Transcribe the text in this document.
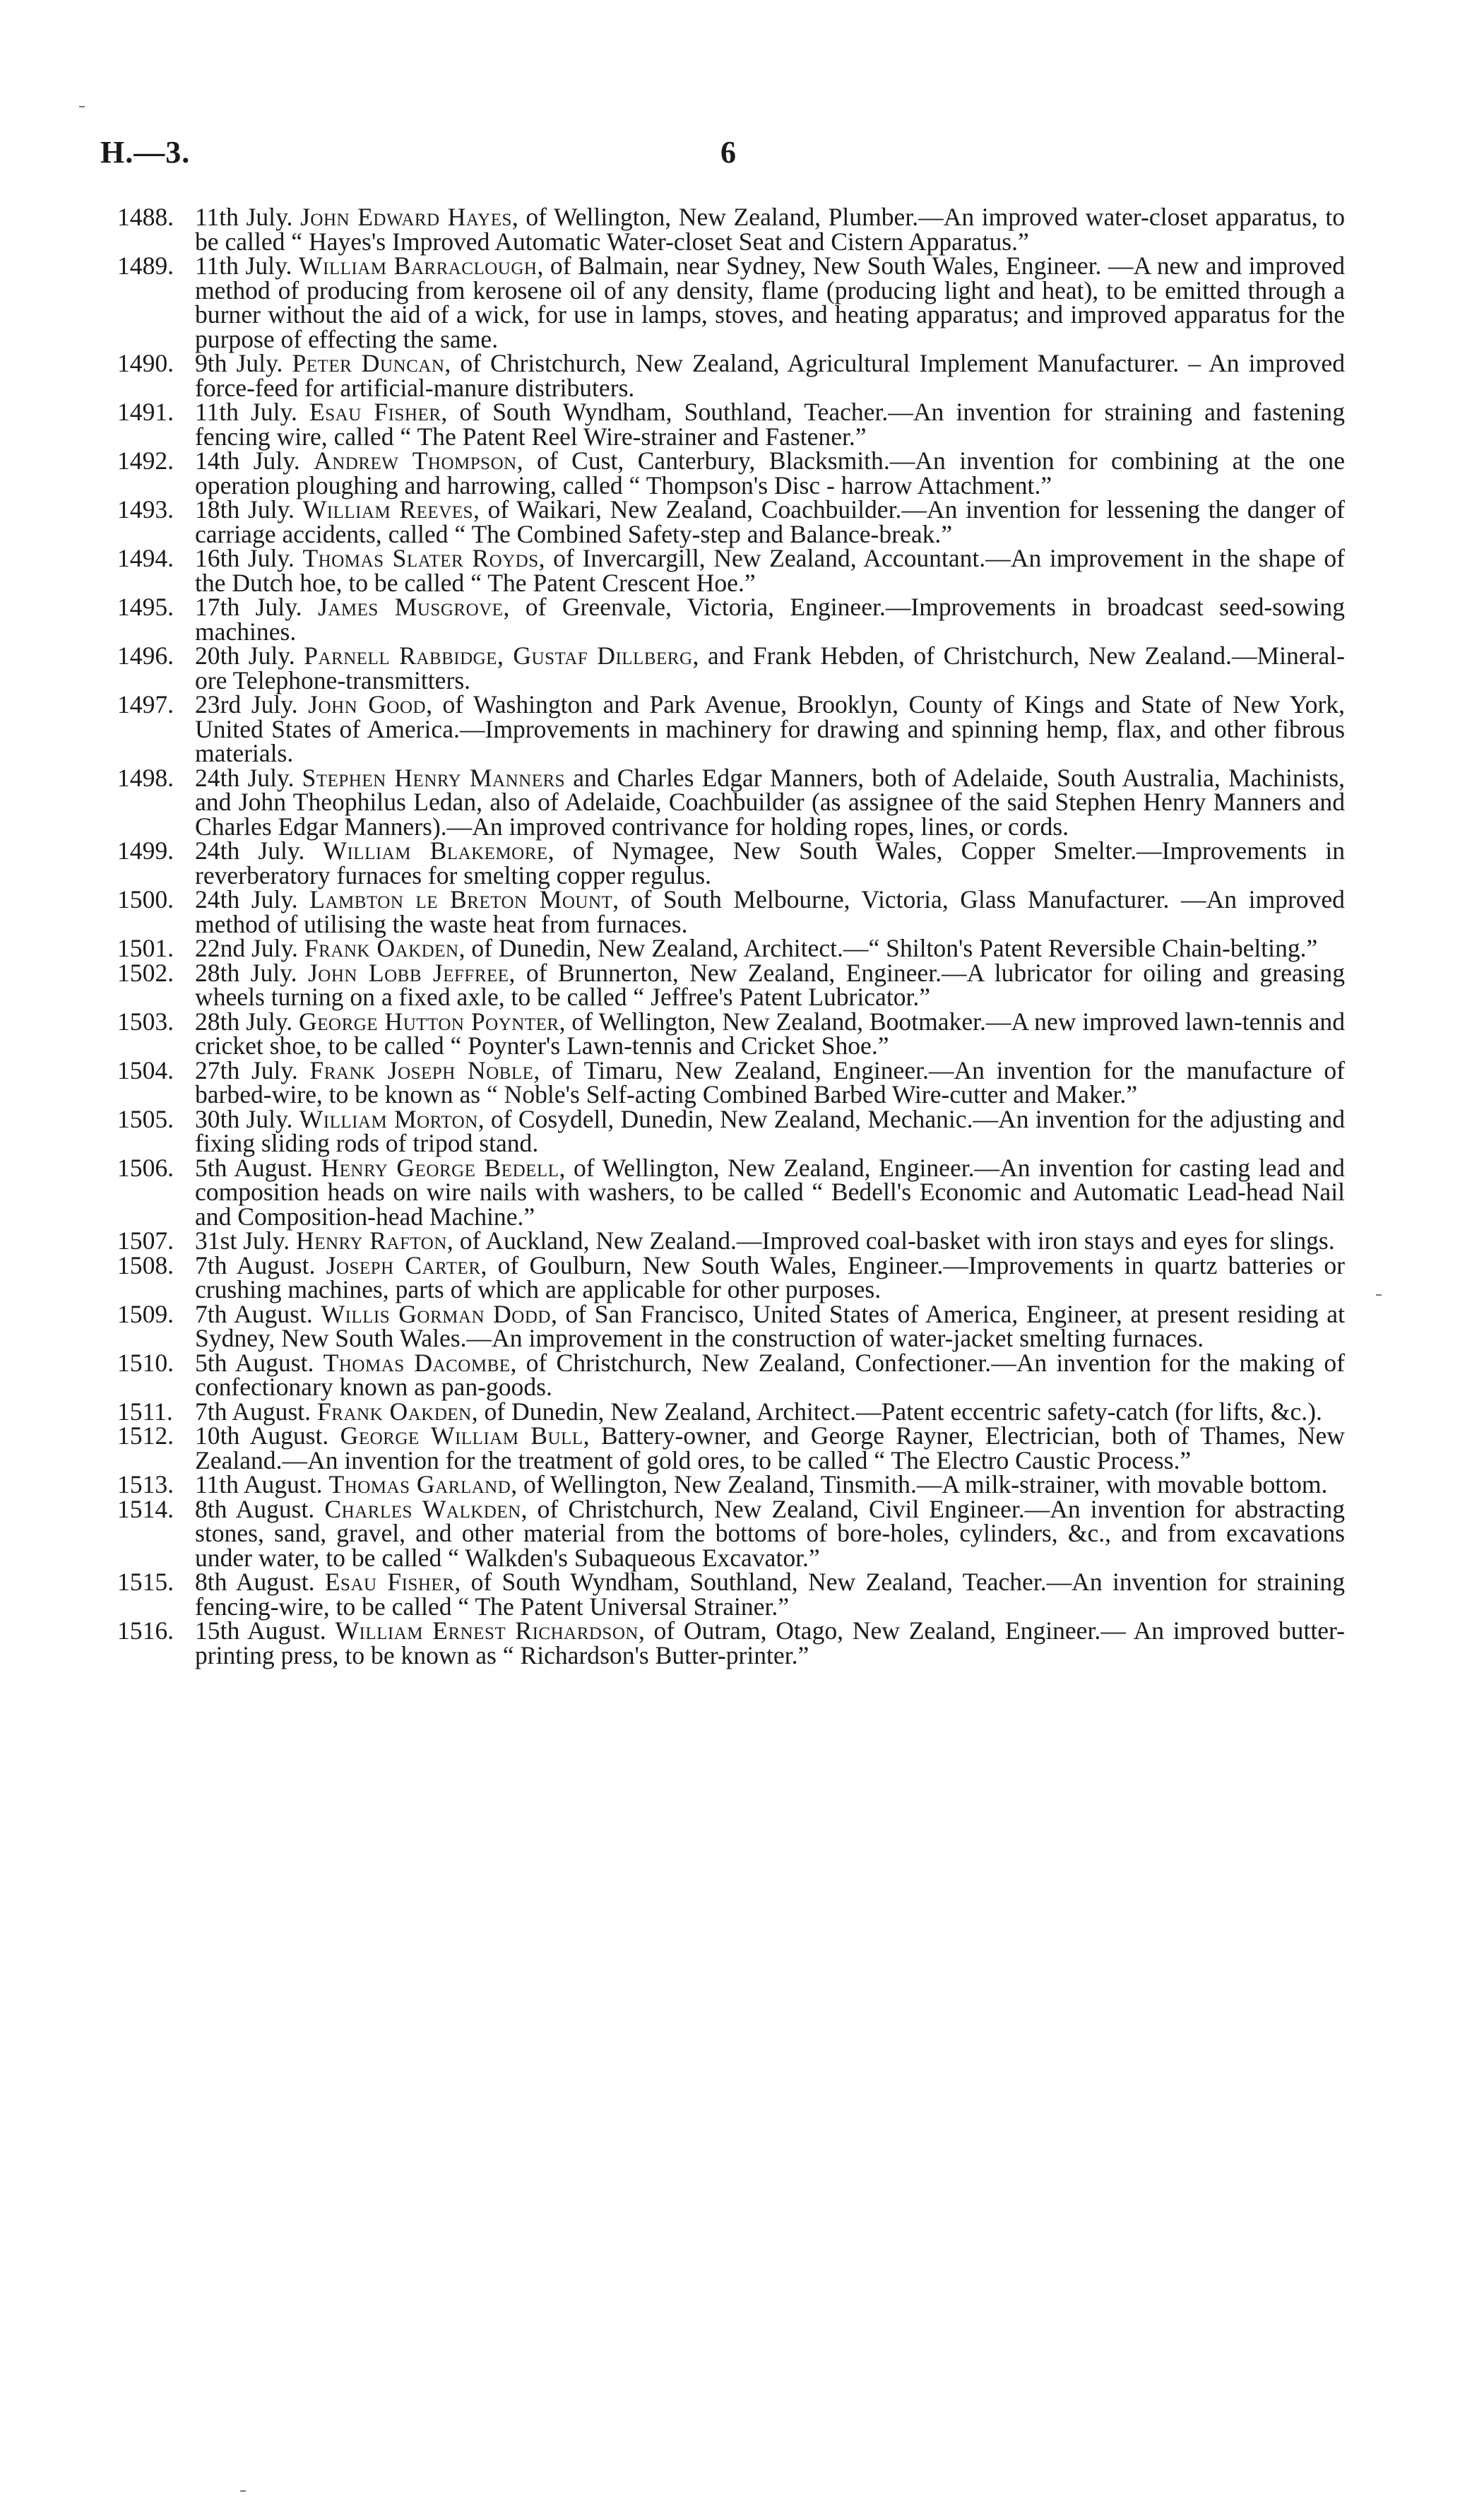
H.—3.	6

1488. 11th July. John Edward Hayes, of Wellington, New Zealand, Plumber.—An improved water-closet apparatus, to be called “ Hayes's Improved Automatic Water-closet Seat and Cistern Apparatus.”

1489. 11th July. William Barraclough, of Balmain, near Sydney, New South Wales, Engineer. —A new and improved method of producing from kerosene oil of any density, flame (producing light and heat), to be emitted through a burner without the aid of a wick, for use in lamps, stoves, and heating apparatus; and improved apparatus for the purpose of effecting the same.

1490. 9th July. Peter Duncan, of Christchurch, New Zealand, Agricultural Implement Manufacturer. – An improved force-feed for artificial-manure distributers.

1491. 11th July. Esau Fisher, of South Wyndham, Southland, Teacher.—An invention for straining and fastening fencing wire, called “ The Patent Reel Wire-strainer and Fastener.”

1492. 14th July. Andrew Thompson, of Cust, Canterbury, Blacksmith.—An invention for combining at the one operation ploughing and harrowing, called “ Thompson's Disc - harrow Attachment.”

1493. 18th July. William Reeves, of Waikari, New Zealand, Coachbuilder.—An invention for lessening the danger of carriage accidents, called “ The Combined Safety-step and Balance-break.”

1494. 16th July. Thomas Slater Royds, of Invercargill, New Zealand, Accountant.—An improvement in the shape of the Dutch hoe, to be called “ The Patent Crescent Hoe.”

1495. 17th July. James Musgrove, of Greenvale, Victoria, Engineer.—Improvements in broadcast seed-sowing machines.

1496. 20th July. Parnell Rabbidge, Gustaf Dillberg, and Frank Hebden, of Christchurch, New Zealand.—Mineral-ore Telephone-transmitters.

1497. 23rd July. John Good, of Washington and Park Avenue, Brooklyn, County of Kings and State of New York, United States of America.—Improvements in machinery for drawing and spinning hemp, flax, and other fibrous materials.

1498. 24th July. Stephen Henry Manners and Charles Edgar Manners, both of Adelaide, South Australia, Machinists, and John Theophilus Ledan, also of Adelaide, Coachbuilder (as assignee of the said Stephen Henry Manners and Charles Edgar Manners).—An improved contrivance for holding ropes, lines, or cords.

1499. 24th July. William Blakemore, of Nymagee, New South Wales, Copper Smelter.—Improvements in reverberatory furnaces for smelting copper regulus.

1500. 24th July. Lambton le Breton Mount, of South Melbourne, Victoria, Glass Manufacturer. —An improved method of utilising the waste heat from furnaces.

1501. 22nd July. Frank Oakden, of Dunedin, New Zealand, Architect.—“ Shilton's Patent Reversible Chain-belting.”

1502. 28th July. John Lobb Jeffree, of Brunnerton, New Zealand, Engineer.—A lubricator for oiling and greasing wheels turning on a fixed axle, to be called “ Jeffree's Patent Lubricator.”

1503. 28th July. George Hutton Poynter, of Wellington, New Zealand, Bootmaker.—A new improved lawn-tennis and cricket shoe, to be called “ Poynter's Lawn-tennis and Cricket Shoe.”

1504. 27th July. Frank Joseph Noble, of Timaru, New Zealand, Engineer.—An invention for the manufacture of barbed-wire, to be known as “ Noble's Self-acting Combined Barbed Wire-cutter and Maker.”

1505. 30th July. William Morton, of Cosydell, Dunedin, New Zealand, Mechanic.—An invention for the adjusting and fixing sliding rods of tripod stand.

1506. 5th August. Henry George Bedell, of Wellington, New Zealand, Engineer.—An invention for casting lead and composition heads on wire nails with washers, to be called “ Bedell's Economic and Automatic Lead-head Nail and Composition-head Machine.”

1507. 31st July. Henry Rafton, of Auckland, New Zealand.—Improved coal-basket with iron stays and eyes for slings.

1508. 7th August. Joseph Carter, of Goulburn, New South Wales, Engineer.—Improvements in quartz batteries or crushing machines, parts of which are applicable for other purposes.

1509. 7th August. Willis Gorman Dodd, of San Francisco, United States of America, Engineer, at present residing at Sydney, New South Wales.—An improvement in the construction of water-jacket smelting furnaces.

1510. 5th August. Thomas Dacombe, of Christchurch, New Zealand, Confectioner.—An invention for the making of confectionary known as pan-goods.

1511. 7th August. Frank Oakden, of Dunedin, New Zealand, Architect.—Patent eccentric safety-catch (for lifts, &c.).

1512. 10th August. George William Bull, Battery-owner, and George Rayner, Electrician, both of Thames, New Zealand.—An invention for the treatment of gold ores, to be called “ The Electro Caustic Process.”

1513. 11th August. Thomas Garland, of Wellington, New Zealand, Tinsmith.—A milk-strainer, with movable bottom.

1514. 8th August. Charles Walkden, of Christchurch, New Zealand, Civil Engineer.—An invention for abstracting stones, sand, gravel, and other material from the bottoms of bore-holes, cylinders, &c., and from excavations under water, to be called “ Walkden's Subaqueous Excavator.”

1515. 8th August. Esau Fisher, of South Wyndham, Southland, New Zealand, Teacher.—An invention for straining fencing-wire, to be called “ The Patent Universal Strainer.”

1516. 15th August. William Ernest Richardson, of Outram, Otago, New Zealand, Engineer.— An improved butter-printing press, to be known as “ Richardson's Butter-printer.”
